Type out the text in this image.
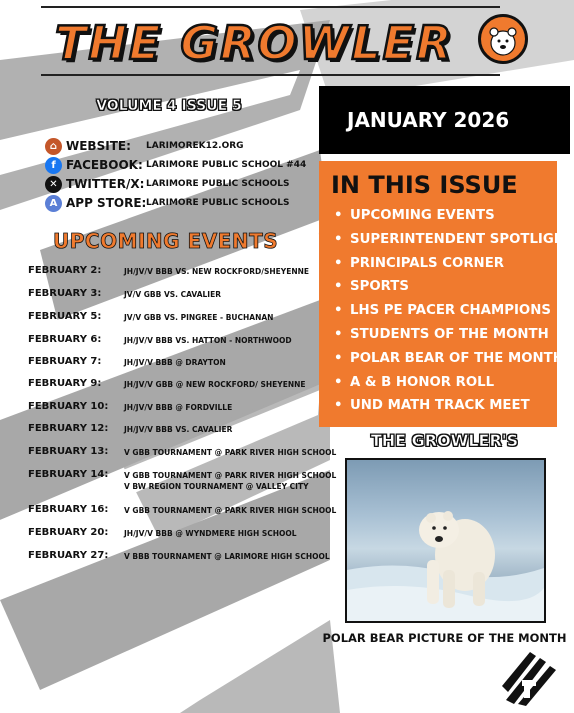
THE GROWLER
VOLUME 4 ISSUE 5
⌂ WEBSITE: LARIMOREK12.ORG
f FACEBOOK: LARIMORE PUBLIC SCHOOL #44
✕ TWITTER/X: LARIMORE PUBLIC SCHOOLS
A APP STORE: LARIMORE PUBLIC SCHOOLS
UPCOMING EVENTS
FEBRUARY 2:	JH/JV/V BBB VS. NEW ROCKFORD/SHEYENNE
FEBRUARY 3:	JV/V GBB VS. CAVALIER
FEBRUARY 5:	JV/V GBB VS. PINGREE - BUCHANAN
FEBRUARY 6:	JH/JV/V BBB VS. HATTON - NORTHWOOD
FEBRUARY 7:	JH/JV/V BBB @ DRAYTON
FEBRUARY 9:	JH/JV/V GBB @ NEW ROCKFORD/ SHEYENNE
FEBRUARY 10: JH/JV/V BBB @ FORDVILLE
FEBRUARY 12: JH/JV/V BBB VS. CAVALIER
FEBRUARY 13: V GBB TOURNAMENT @ PARK RIVER HIGH SCHOOL
FEBRUARY 14: V GBB TOURNAMENT @ PARK RIVER HIGH SCHOOL
V BW REGION TOURNAMENT @ VALLEY CITY
FEBRUARY 16: V GBB TOURNAMENT @ PARK RIVER HIGH SCHOOL
FEBRUARY 20: JH/JV/V BBB @ WYNDMERE HIGH SCHOOL
FEBRUARY 27: V BBB TOURNAMENT @ LARIMORE HIGH SCHOOL
JANUARY 2026
IN THIS ISSUE
• UPCOMING EVENTS
• SUPERINTENDENT SPOTLIGHT
• PRINCIPALS CORNER
• SPORTS
• LHS PE PACER CHAMPIONS
• STUDENTS OF THE MONTH
• POLAR BEAR OF THE MONTH
• A & B HONOR ROLL
• UND MATH TRACK MEET
THE GROWLER'S
POLAR BEAR PICTURE OF THE MONTH
